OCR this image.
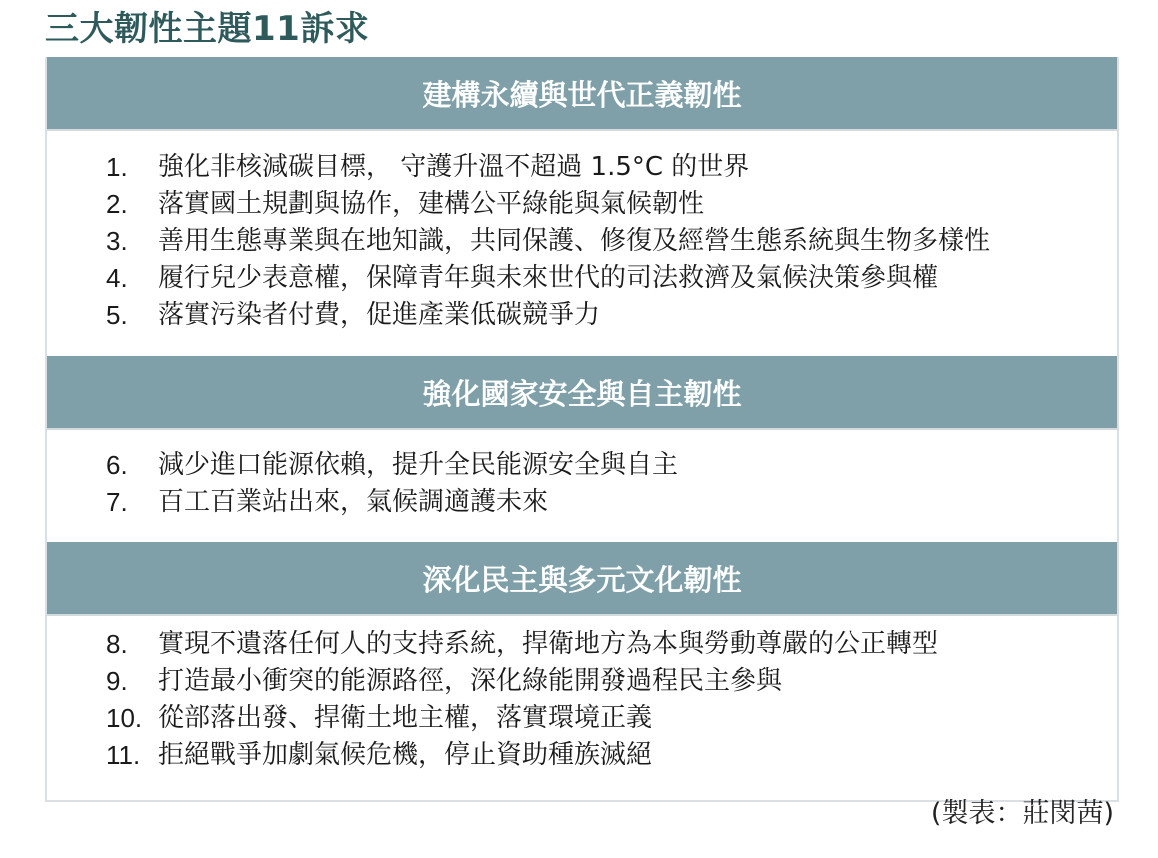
三大韌性主題11訴求
建構永續與世代正義韌性
1.	強化非核減碳目標， 守護升溫不超過 1.5°C 的世界
2.	落實國土規劃與協作，建構公平綠能與氣候韌性
3.	善用生態專業與在地知識，共同保護、修復及經營生態系統與生物多樣性
4.	履行兒少表意權，保障青年與未來世代的司法救濟及氣候決策參與權
5.	落實污染者付費，促進產業低碳競爭力
強化國家安全與自主韌性
6.	減少進口能源依賴，提升全民能源安全與自主
7.	百工百業站出來，氣候調適護未來
深化民主與多元文化韌性
8.	實現不遺落任何人的支持系統，捍衛地方為本與勞動尊嚴的公正轉型
9.	打造最小衝突的能源路徑，深化綠能開發過程民主參與
10. 從部落出發、捍衛土地主權，落實環境正義
11. 拒絕戰爭加劇氣候危機，停止資助種族滅絕
(製表：莊閔茜)
